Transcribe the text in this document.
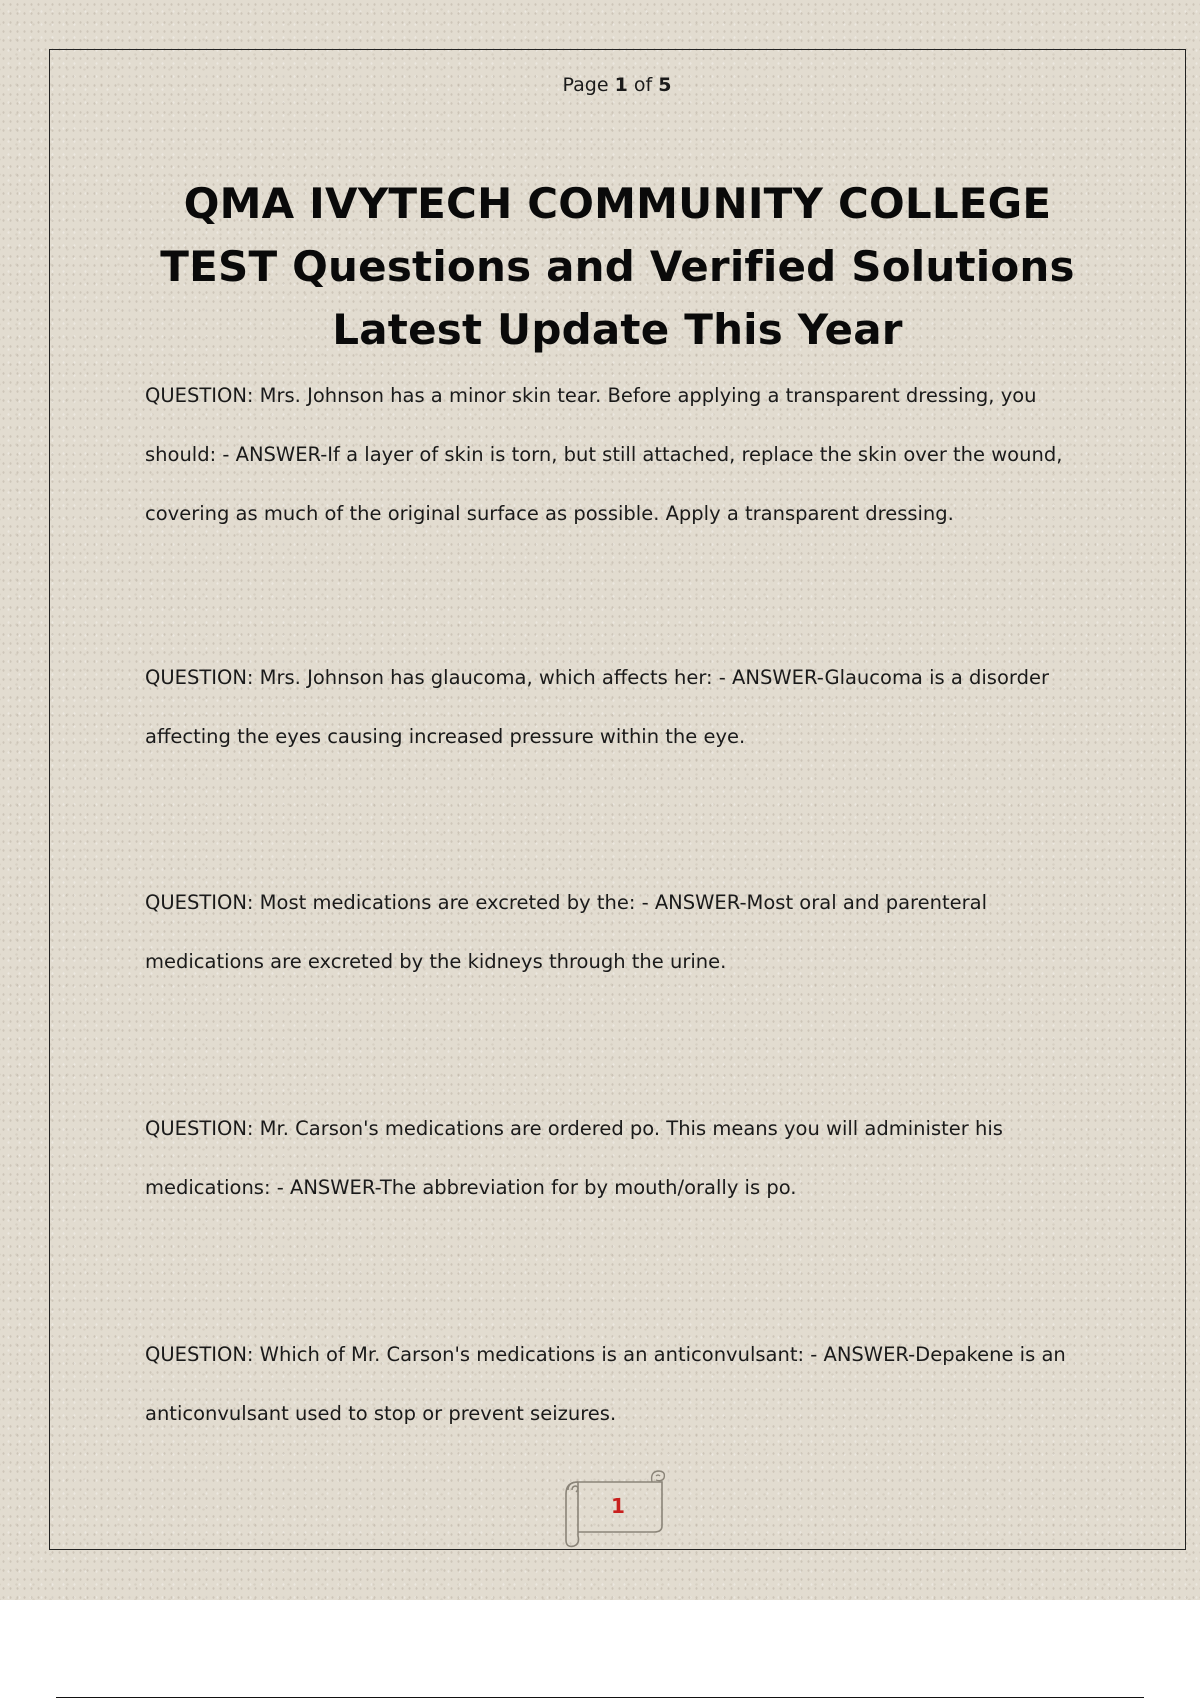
Page 1 of 5
QMA IVYTECH COMMUNITY COLLEGE TEST Questions and Verified Solutions Latest Update This Year

QUESTION: Mrs. Johnson has a minor skin tear. Before applying a transparent dressing, you should: - ANSWER-If a layer of skin is torn, but still attached, replace the skin over the wound, covering as much of the original surface as possible. Apply a transparent dressing.

QUESTION: Mrs. Johnson has glaucoma, which affects her: - ANSWER-Glaucoma is a disorder affecting the eyes causing increased pressure within the eye.

QUESTION: Most medications are excreted by the: - ANSWER-Most oral and parenteral medications are excreted by the kidneys through the urine.

QUESTION: Mr. Carson's medications are ordered po. This means you will administer his medications: - ANSWER-The abbreviation for by mouth/orally is po.

QUESTION: Which of Mr. Carson's medications is an anticonvulsant: - ANSWER-Depakene is an anticonvulsant used to stop or prevent seizures.

1
